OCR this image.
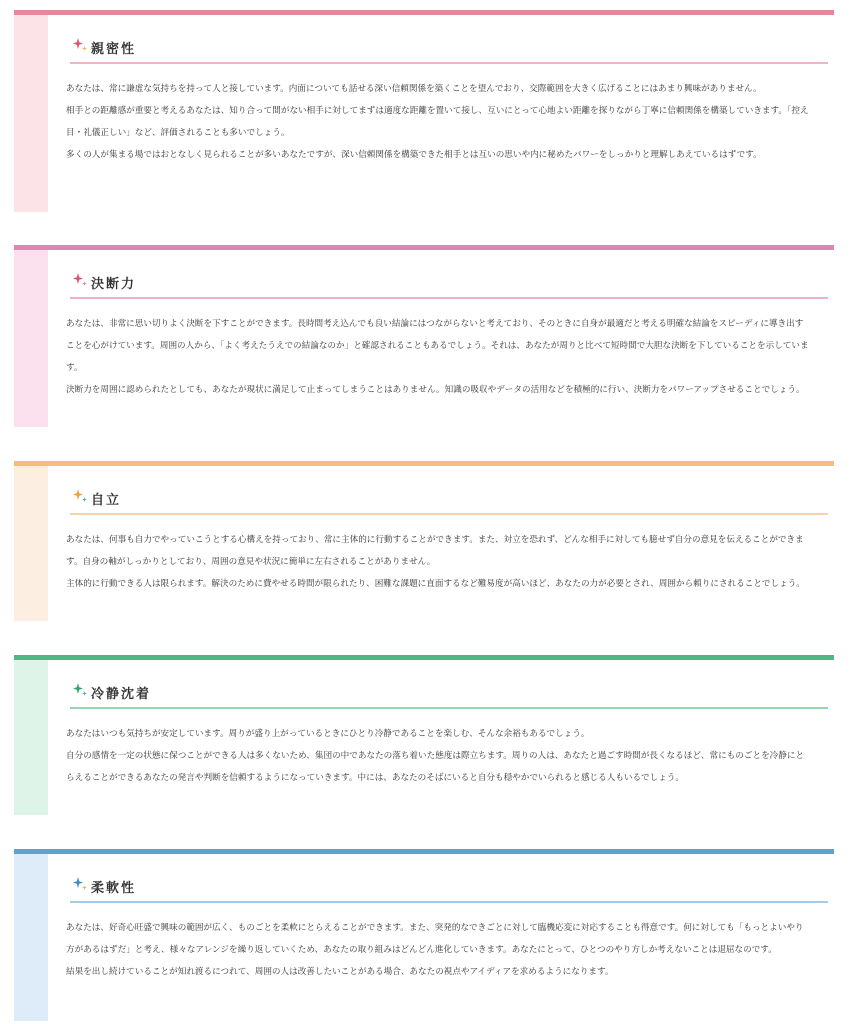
親密性

あなたは、常に謙虚な気持ちを持って人と接しています。内面についても話せる深い信頼関係を築くことを望んでおり、交際範囲を大きく広げることにはあまり興味がありません。

相手との距離感が重要と考えるあなたは、知り合って間がない相手に対してまずは適度な距離を置いて接し、互いにとって心地よい距離を探りながら丁寧に信頼関係を構築していきます。「控え目・礼儀正しい」など、評価されることも多いでしょう。

多くの人が集まる場ではおとなしく見られることが多いあなたですが、深い信頼関係を構築できた相手とは互いの思いや内に秘めたパワーをしっかりと理解しあえているはずです。

決断力

あなたは、非常に思い切りよく決断を下すことができます。長時間考え込んでも良い結論にはつながらないと考えており、そのときに自身が最適だと考える明確な結論をスピーディに導き出すことを心がけています。周囲の人から、「よく考えたうえでの結論なのか」と確認されることもあるでしょう。それは、あなたが周りと比べて短時間で大胆な決断を下していることを示しています。

決断力を周囲に認められたとしても、あなたが現状に満足して止まってしまうことはありません。知識の吸収やデータの活用などを積極的に行い、決断力をパワーアップさせることでしょう。

自立

あなたは、何事も自力でやっていこうとする心構えを持っており、常に主体的に行動することができます。また、対立を恐れず、どんな相手に対しても臆せず自分の意見を伝えることができます。自身の軸がしっかりとしており、周囲の意見や状況に簡単に左右されることがありません。

主体的に行動できる人は限られます。解決のために費やせる時間が限られたり、困難な課題に直面するなど難易度が高いほど、あなたの力が必要とされ、周囲から頼りにされることでしょう。

冷静沈着

あなたはいつも気持ちが安定しています。周りが盛り上がっているときにひとり冷静であることを楽しむ、そんな余裕もあるでしょう。

自分の感情を一定の状態に保つことができる人は多くないため、集団の中であなたの落ち着いた態度は際立ちます。周りの人は、あなたと過ごす時間が長くなるほど、常にものごとを冷静にとらえることができるあなたの発言や判断を信頼するようになっていきます。中には、あなたのそばにいると自分も穏やかでいられると感じる人もいるでしょう。

柔軟性

あなたは、好奇心旺盛で興味の範囲が広く、ものごとを柔軟にとらえることができます。また、突発的なできごとに対して臨機応変に対応することも得意です。何に対しても「もっとよいやり方があるはずだ」と考え、様々なアレンジを繰り返していくため、あなたの取り組みはどんどん進化していきます。あなたにとって、ひとつのやり方しか考えないことは退屈なのです。

結果を出し続けていることが知れ渡るにつれて、周囲の人は改善したいことがある場合、あなたの視点やアイディアを求めるようになります。
